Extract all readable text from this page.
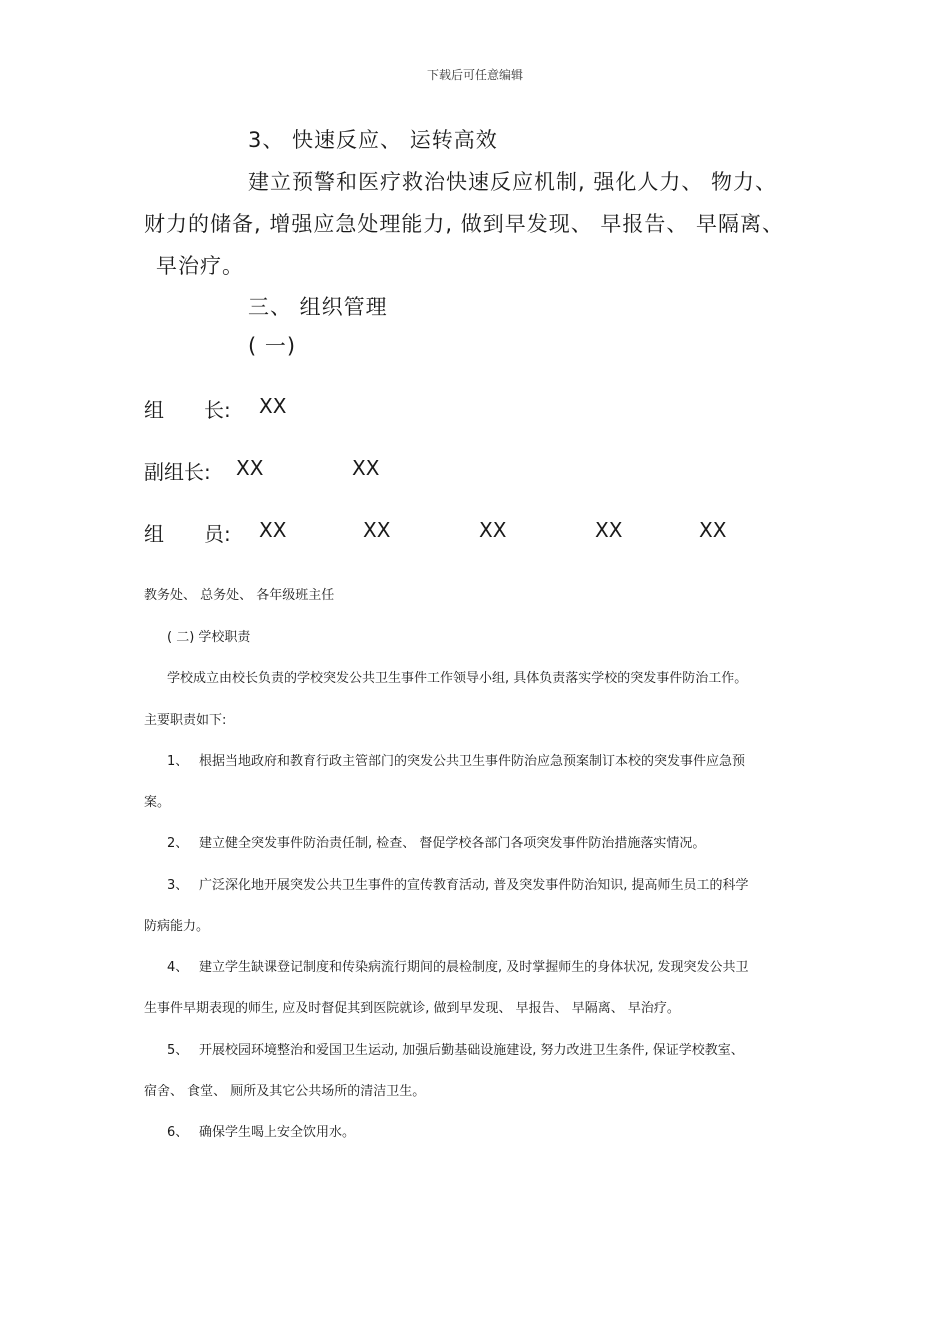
下载后可任意编辑
3、 快速反应、 运转高效
建立预警和医疗救治快速反应机制, 强化人力、 物力、
财力的储备, 增强应急处理能力, 做到早发现、 早报告、 早隔离、
早治疗。
三、 组织管理
( 一)
组　　长: XX
副组长: XX	XX
组　　员: XX	XX	XX	XX	XX
教务处、 总务处、 各年级班主任
( 二) 学校职责
学校成立由校长负责的学校突发公共卫生事件工作领导小组, 具体负责落实学校的突发事件防治工作。
主要职责如下:
1、 根据当地政府和教育行政主管部门的突发公共卫生事件防治应急预案制订本校的突发事件应急预
案。
2、 建立健全突发事件防治责任制, 检查、 督促学校各部门各项突发事件防治措施落实情况。
3、 广泛深化地开展突发公共卫生事件的宣传教育活动, 普及突发事件防治知识, 提高师生员工的科学
防病能力。
4、 建立学生缺课登记制度和传染病流行期间的晨检制度, 及时掌握师生的身体状况, 发现突发公共卫
生事件早期表现的师生, 应及时督促其到医院就诊, 做到早发现、 早报告、 早隔离、 早治疗。
5、 开展校园环境整治和爱国卫生运动, 加强后勤基础设施建设, 努力改进卫生条件, 保证学校教室、
宿舍、 食堂、 厕所及其它公共场所的清洁卫生。
6、 确保学生喝上安全饮用水。
